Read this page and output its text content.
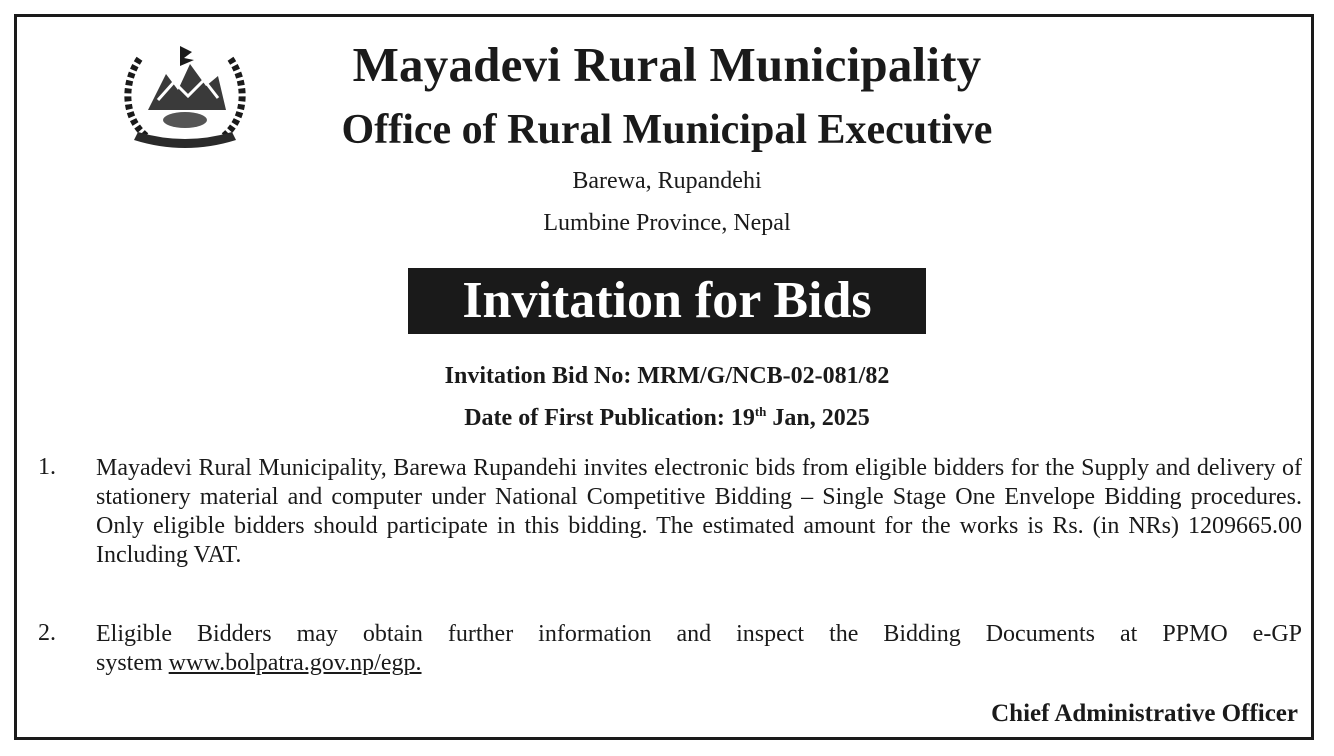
Mayadevi Rural Municipality
Office of Rural Municipal Executive
Barewa, Rupandehi
Lumbine Province, Nepal
Invitation for Bids
Invitation Bid No: MRM/G/NCB-02-081/82
Date of First Publication: 19th Jan, 2025
1. Mayadevi Rural Municipality, Barewa Rupandehi invites electronic bids from eligible bidders for the Supply and delivery of stationery material and computer under National Competitive Bidding – Single Stage One Envelope Bidding procedures. Only eligible bidders should participate in this bidding. The estimated amount for the works is Rs. (in NRs) 1209665.00 Including VAT.
2. Eligible Bidders may obtain further information and inspect the Bidding Documents at PPMO e-GP system www.bolpatra.gov.np/egp.
Chief Administrative Officer
